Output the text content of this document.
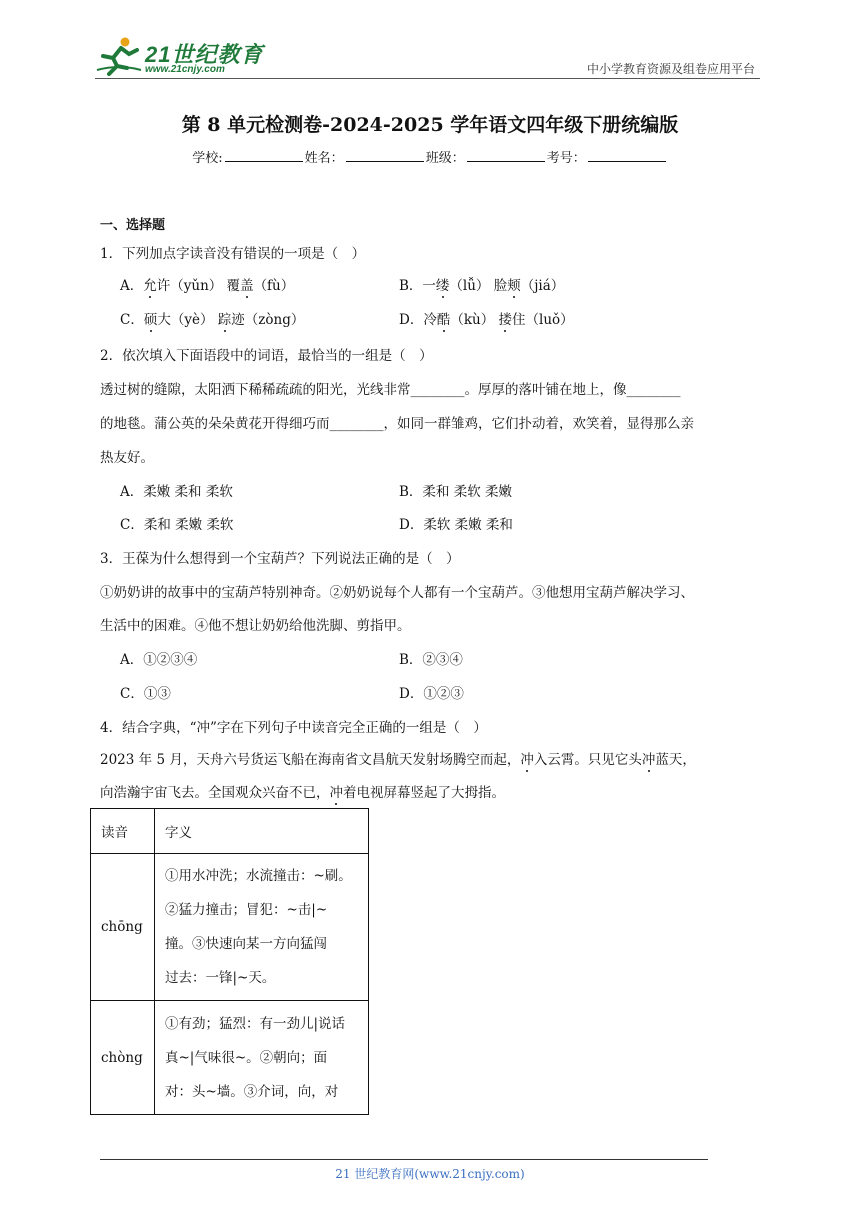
21世纪教育
www.21cnjy.com	中小学教育资源及组卷应用平台
第 8 单元检测卷-2024-2025 学年语文四年级下册统编版
学校:	姓名：	班级：	考号：
一、选择题
1．下列加点字读音没有错误的一项是（　）
A．允许（yǔn） 覆盖（fù）	B．一缕（lǚ） 脸颊（jiá）
C．硕大（yè） 踪迹（zòng）	D．冷酷（kù） 搂住（luǒ）
2．依次填入下面语段中的词语，最恰当的一组是（　）
透过树的缝隙，太阳洒下稀稀疏疏的阳光，光线非常________。厚厚的落叶铺在地上，像________
的地毯。蒲公英的朵朵黄花开得细巧而________，如同一群雏鸡，它们扑动着，欢笑着，显得那么亲
热友好。
A．柔嫩 柔和 柔软	B．柔和 柔软 柔嫩
C．柔和 柔嫩 柔软	D．柔软 柔嫩 柔和
3．王葆为什么想得到一个宝葫芦？下列说法正确的是（　）
①奶奶讲的故事中的宝葫芦特别神奇。②奶奶说每个人都有一个宝葫芦。③他想用宝葫芦解决学习、
生活中的困难。④他不想让奶奶给他洗脚、剪指甲。
A．①②③④	B．②③④
C．①③	D．①②③
4．结合字典，“冲”字在下列句子中读音完全正确的一组是（　）
2023 年 5 月，天舟六号货运飞船在海南省文昌航天发射场腾空而起，冲入云霄。只见它头冲蓝天，
向浩瀚宇宙飞去。全国观众兴奋不已，冲着电视屏幕竖起了大拇指。
读音	字义
chōng	①用水冲洗；水流撞击：~刷。
②猛力撞击；冒犯：~击|~
撞。③快速向某一方向猛闯
过去：一锋|~天。

chòng	①有劲；猛烈：有一劲儿|说话
真~|气味很~。②朝向；面
对：头~墙。③介词，向，对
21 世纪教育网(www.21cnjy.com)
